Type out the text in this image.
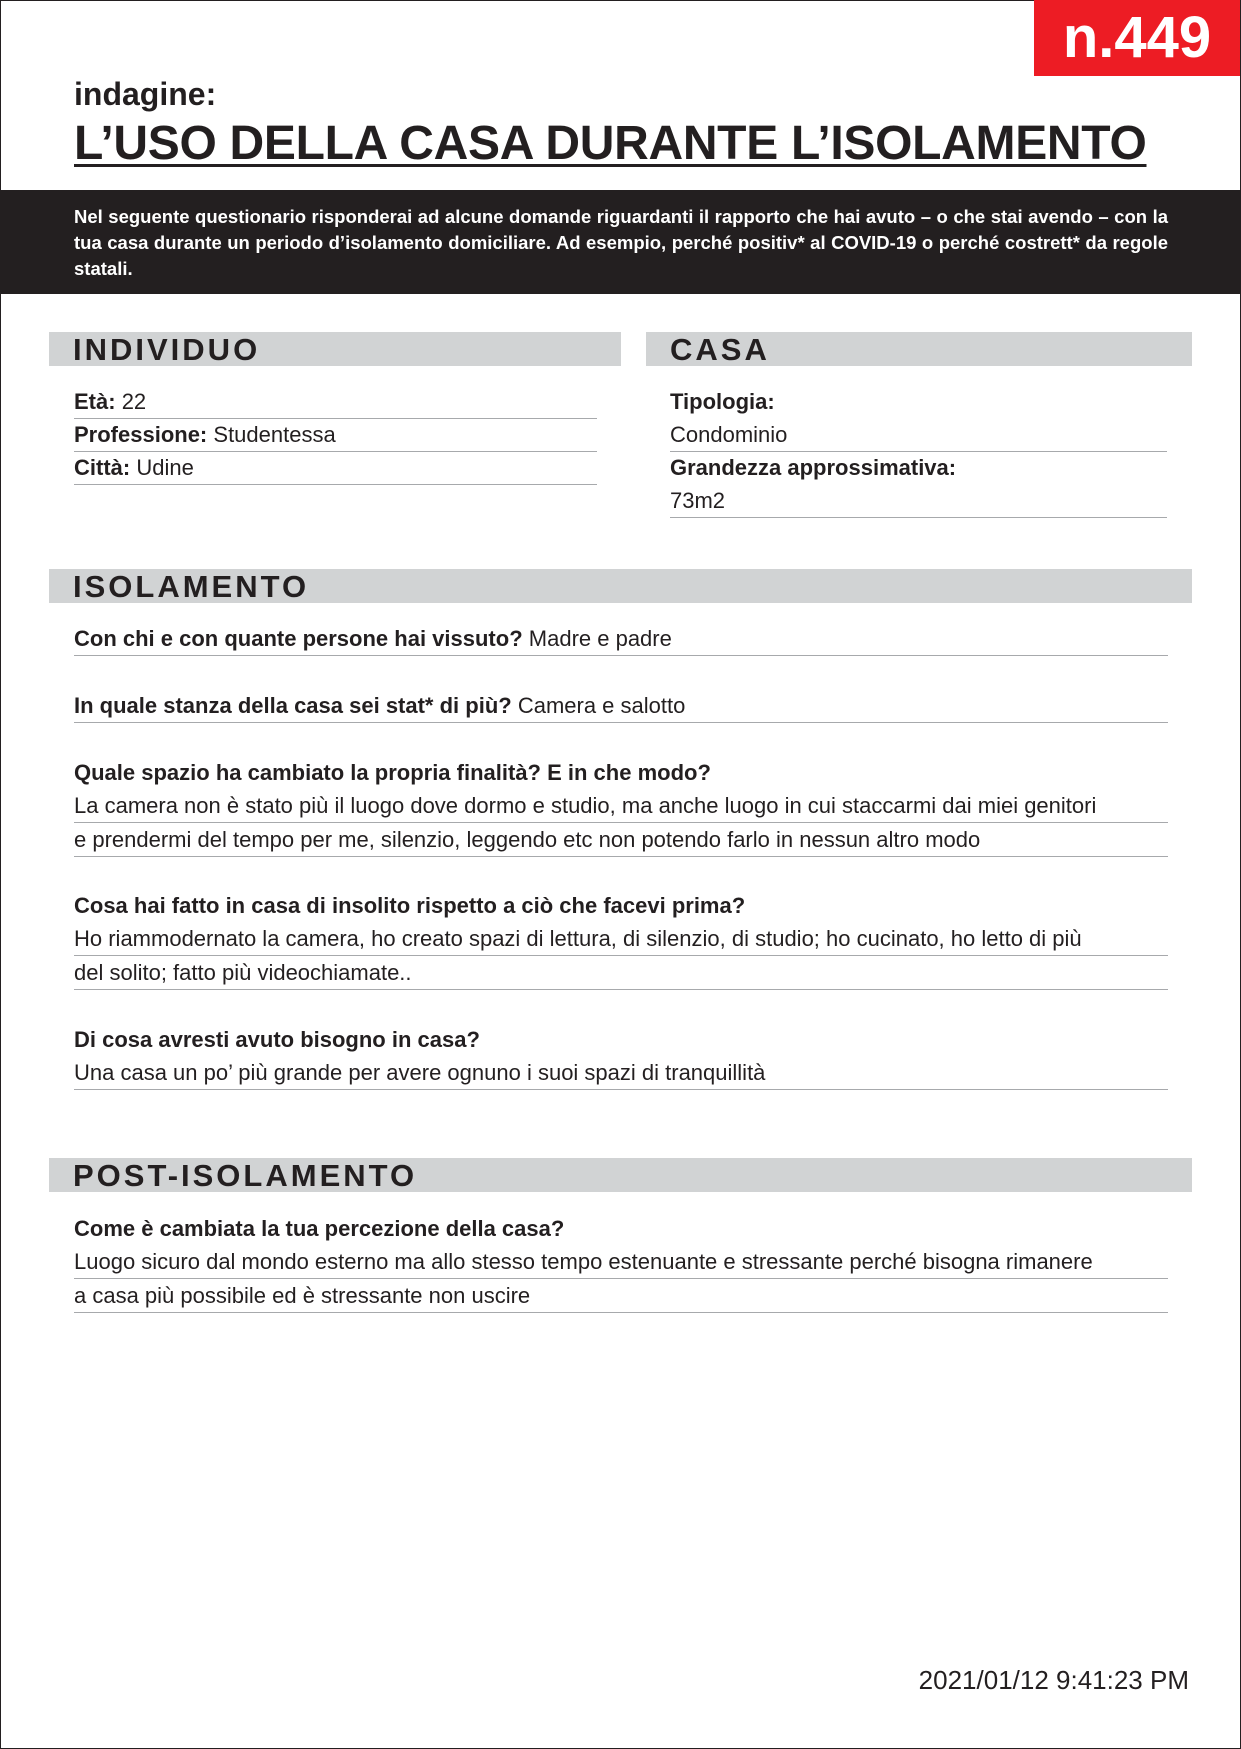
n.449
indagine:
L’USO DELLA CASA DURANTE L’ISOLAMENTO

Nel seguente questionario risponderai ad alcune domande riguardanti il rapporto che hai avuto – o che stai avendo – con la tua casa durante un periodo d’isolamento domiciliare. Ad esempio, perché positiv* al COVID-19 o perché costrett* da regole statali.

INDIVIDUO
Età: 22
Professione: Studentessa
Città: Udine
CASA
Tipologia:
Condominio
Grandezza approssimativa:
73m2
ISOLAMENTO
Con chi e con quante persone hai vissuto? Madre e padre
In quale stanza della casa sei stat* di più? Camera e salotto
Quale spazio ha cambiato la propria finalità? E in che modo?
La camera non è stato più il luogo dove dormo e studio, ma anche luogo in cui staccarmi dai miei genitori
e prendermi del tempo per me, silenzio, leggendo etc non potendo farlo in nessun altro modo
Cosa hai fatto in casa di insolito rispetto a ciò che facevi prima?
Ho riammodernato la camera, ho creato spazi di lettura, di silenzio, di studio; ho cucinato, ho letto di più
del solito; fatto più videochiamate..
Di cosa avresti avuto bisogno in casa?
Una casa un po’ più grande per avere ognuno i suoi spazi di tranquillità
POST-ISOLAMENTO
Come è cambiata la tua percezione della casa?
Luogo sicuro dal mondo esterno ma allo stesso tempo estenuante e stressante perché bisogna rimanere
a casa più possibile ed è stressante non uscire
2021/01/12 9:41:23 PM
